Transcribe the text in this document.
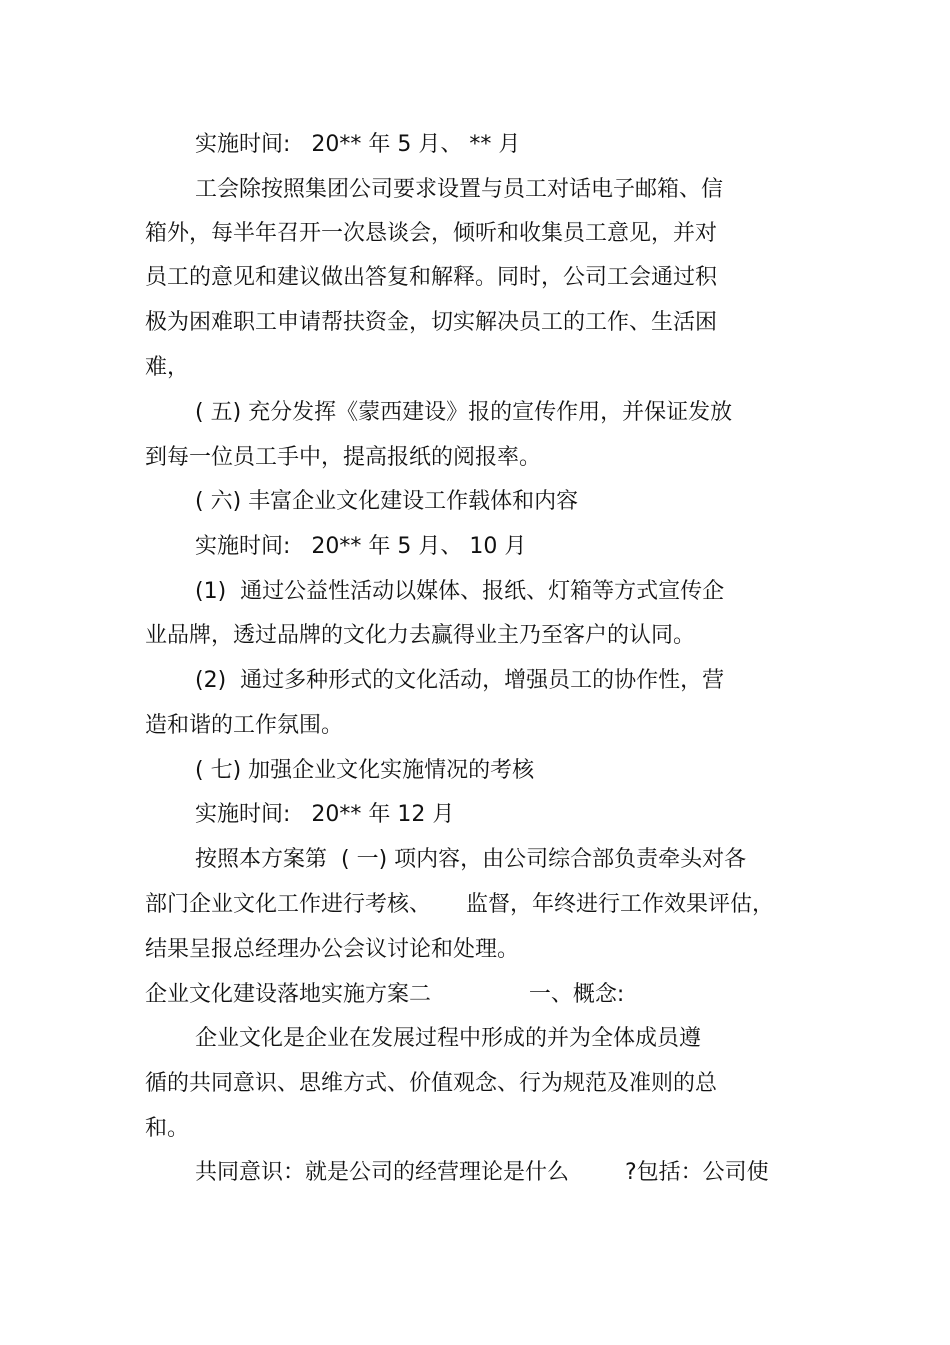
实施时间:   20** 年 5 月、 ** 月

工会除按照集团公司要求设置与员工对话电子邮箱、信

箱外，每半年召开一次恳谈会，倾听和收集员工意见，并对

员工的意见和建议做出答复和解释。同时，公司工会通过积

极为困难职工申请帮扶资金，切实解决员工的工作、生活困

难，

( 五) 充分发挥《蒙西建设》报的宣传作用，并保证发放

到每一位员工手中，提高报纸的阅报率。

( 六) 丰富企业文化建设工作载体和内容

实施时间:   20** 年 5 月、 10 月

(1)  通过公益性活动以媒体、报纸、灯箱等方式宣传企

业品牌，透过品牌的文化力去赢得业主乃至客户的认同。

(2)  通过多种形式的文化活动，增强员工的协作性，营

造和谐的工作氛围。

( 七) 加强企业文化实施情况的考核

实施时间:   20** 年 12 月

按照本方案第  ( 一) 项内容，由公司综合部负责牵头对各

部门企业文化工作进行考核、     监督，年终进行工作效果评估，

结果呈报总经理办公会议讨论和处理。

企业文化建设落地实施方案二              一、概念:

企业文化是企业在发展过程中形成的并为全体成员遵

循的共同意识、思维方式、价值观念、行为规范及准则的总

和。

共同意识：就是公司的经营理论是什么        ?包括：公司使
